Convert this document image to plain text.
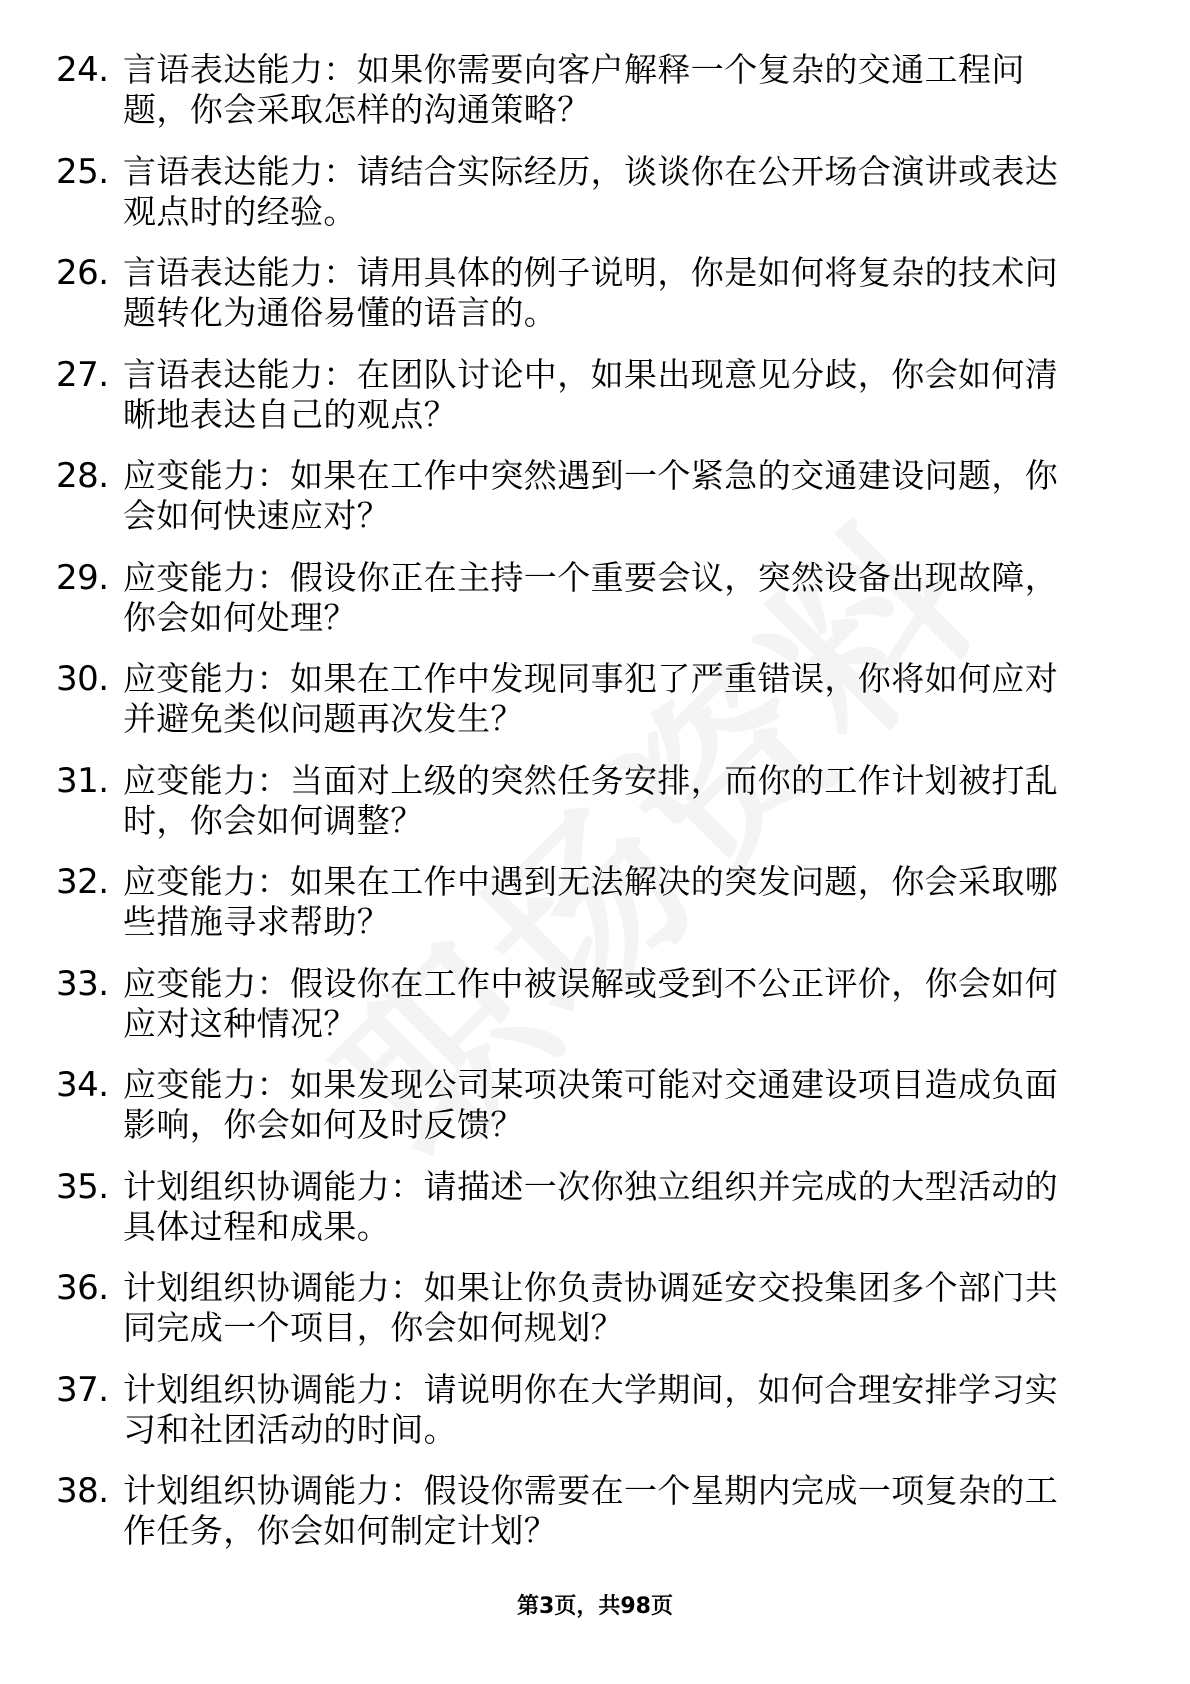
24. 言语表达能力：如果你需要向客户解释一个复杂的交通工程问
题，你会采取怎样的沟通策略？
25. 言语表达能力：请结合实际经历，谈谈你在公开场合演讲或表达
观点时的经验。
26. 言语表达能力：请用具体的例子说明，你是如何将复杂的技术问
题转化为通俗易懂的语言的。
27. 言语表达能力：在团队讨论中，如果出现意见分歧，你会如何清
晰地表达自己的观点？
28. 应变能力：如果在工作中突然遇到一个紧急的交通建设问题，你
会如何快速应对？
29. 应变能力：假设你正在主持一个重要会议，突然设备出现故障，
你会如何处理？
30. 应变能力：如果在工作中发现同事犯了严重错误，你将如何应对
并避免类似问题再次发生？
31. 应变能力：当面对上级的突然任务安排，而你的工作计划被打乱
时，你会如何调整？
32. 应变能力：如果在工作中遇到无法解决的突发问题，你会采取哪
些措施寻求帮助？
33. 应变能力：假设你在工作中被误解或受到不公正评价，你会如何
应对这种情况？
34. 应变能力：如果发现公司某项决策可能对交通建设项目造成负面
影响，你会如何及时反馈？
35. 计划组织协调能力：请描述一次你独立组织并完成的大型活动的
具体过程和成果。
36. 计划组织协调能力：如果让你负责协调延安交投集团多个部门共
同完成一个项目，你会如何规划？
37. 计划组织协调能力：请说明你在大学期间，如何合理安排学习实
习和社团活动的时间。
38. 计划组织协调能力：假设你需要在一个星期内完成一项复杂的工
作任务，你会如何制定计划？
第3页，共98页
